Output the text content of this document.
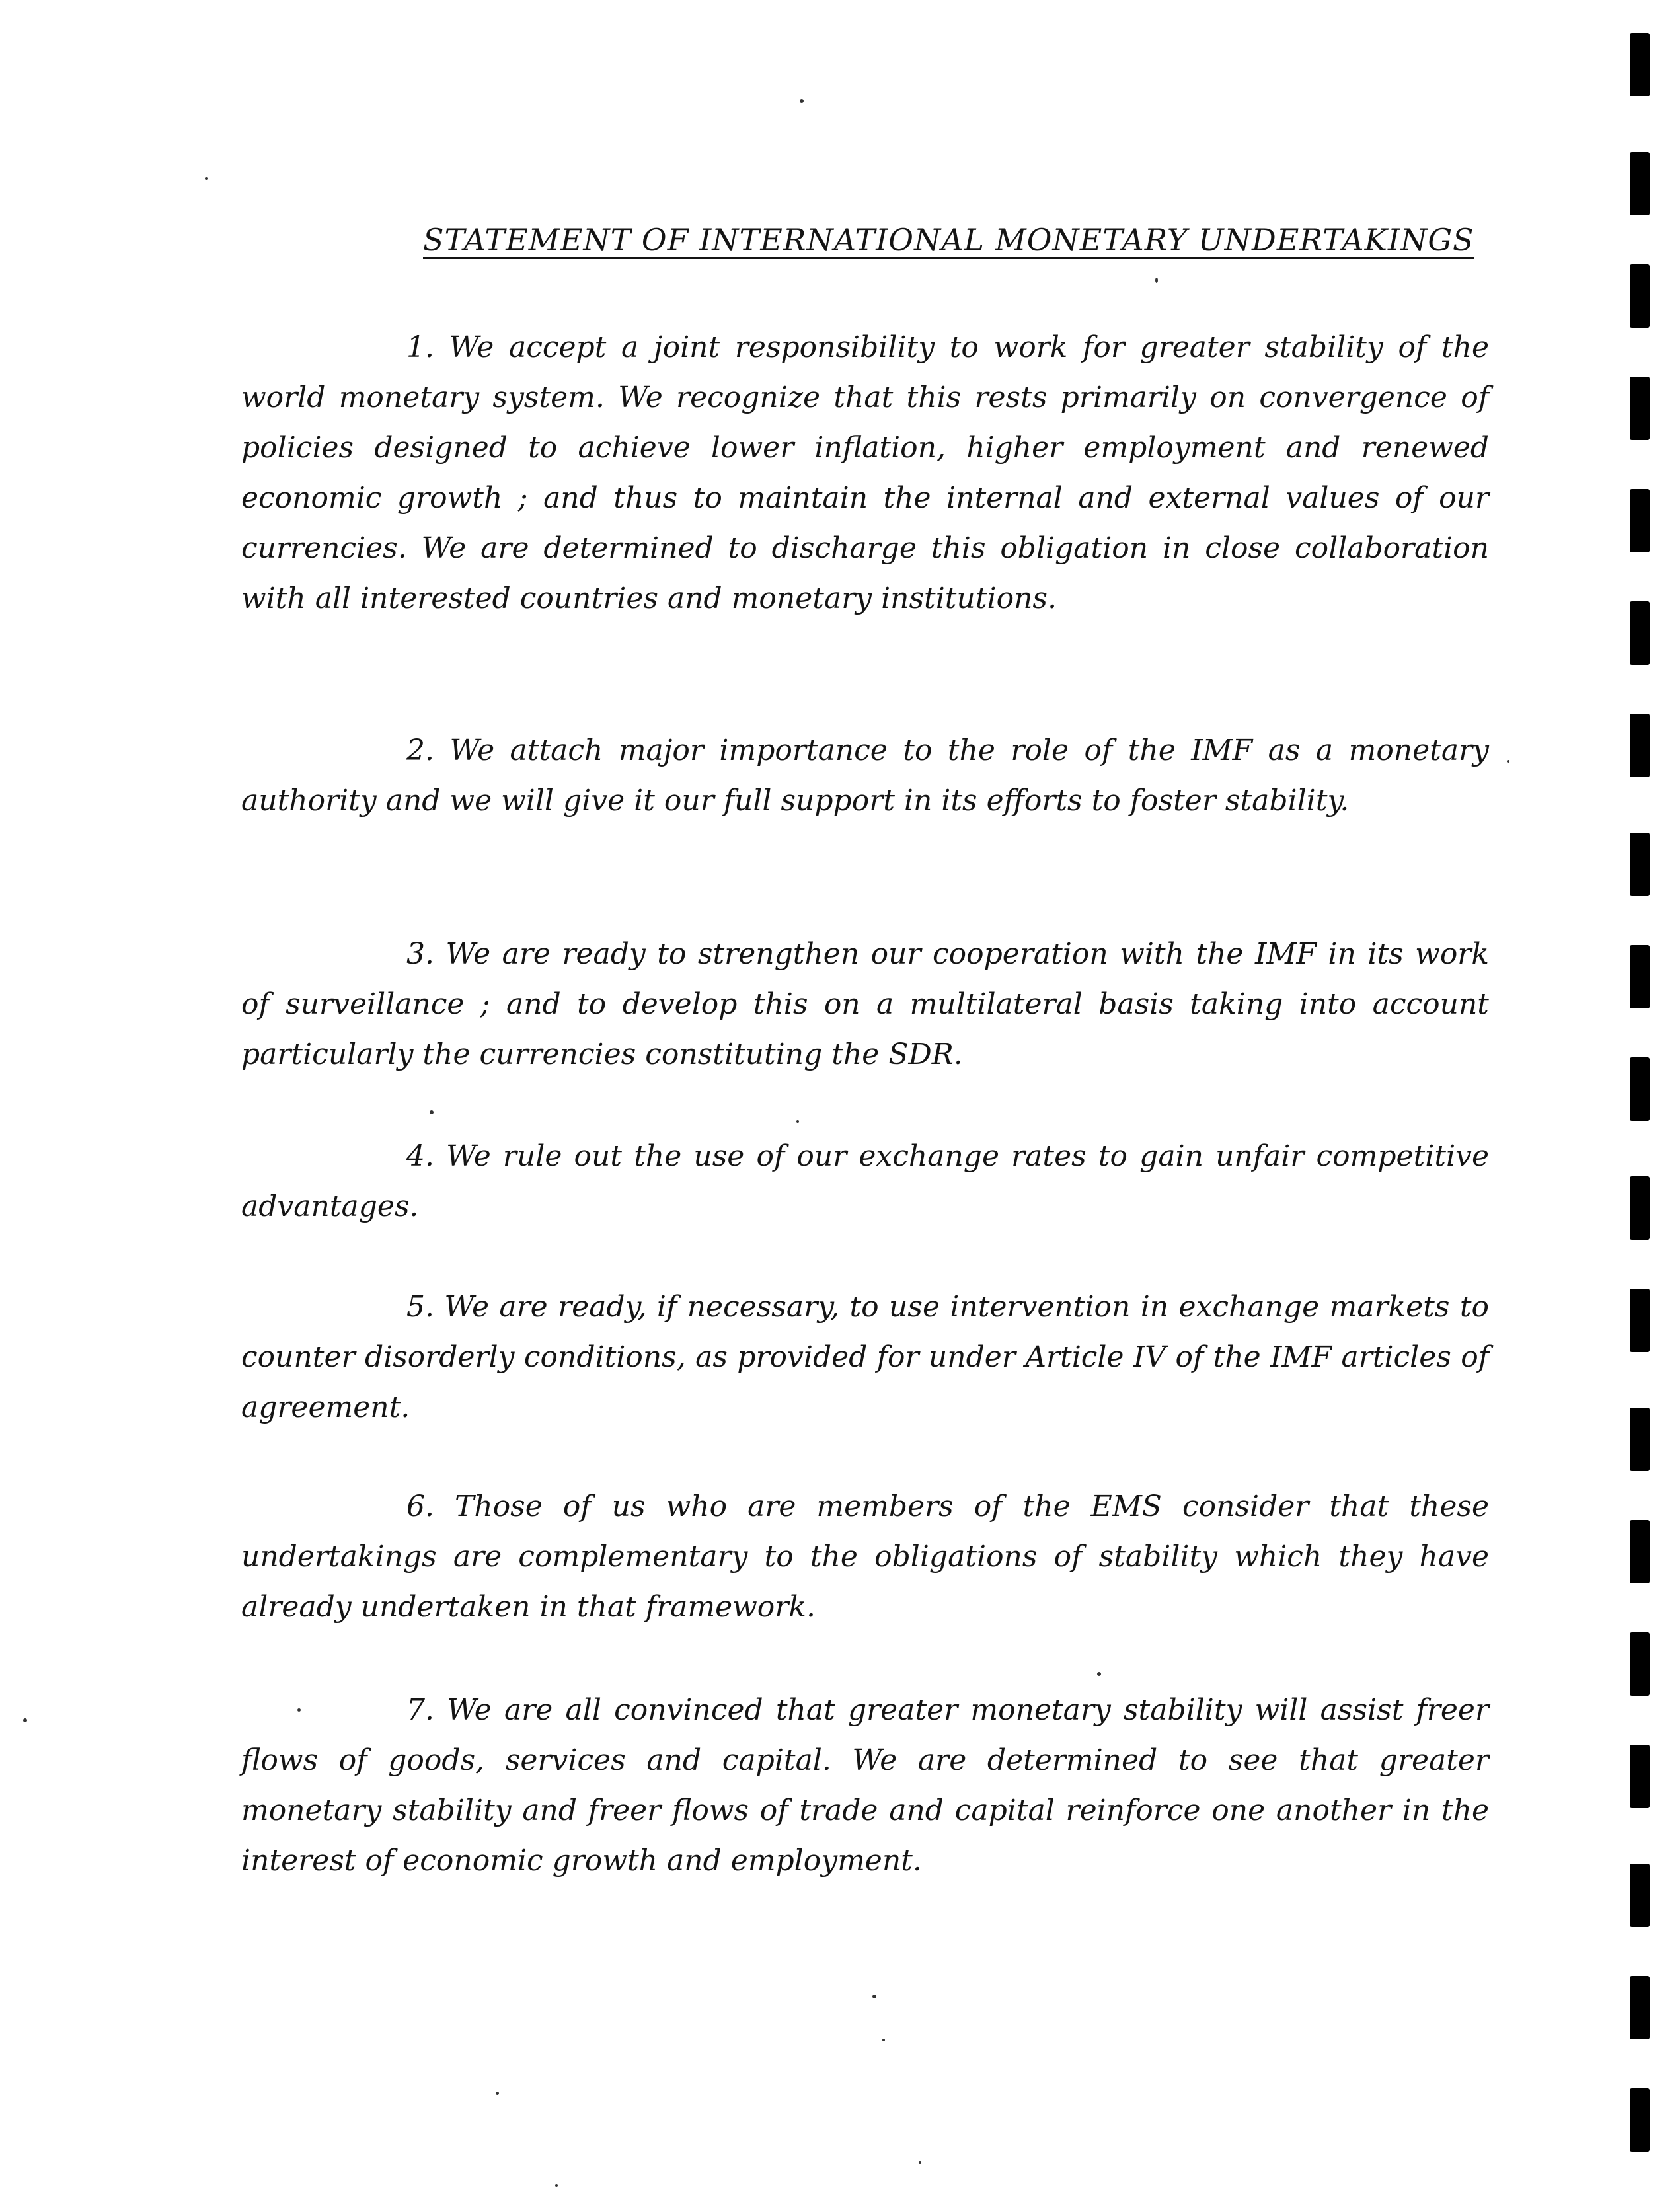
STATEMENT OF INTERNATIONAL MONETARY UNDERTAKINGS

1. We accept a joint responsibility to work for greater stability of the world monetary system. We recognize that this rests primarily on convergence of policies designed to achieve lower inflation, higher employment and renewed economic growth ; and thus to maintain the internal and external values of our currencies. We are determined to discharge this obligation in close collaboration with all interested countries and monetary institutions.

2. We attach major importance to the role of the IMF as a monetary authority and we will give it our full support in its efforts to foster stability.

3. We are ready to strengthen our cooperation with the IMF in its work of surveillance ; and to develop this on a multilateral basis taking into account particularly the currencies constituting the SDR.

4. We rule out the use of our exchange rates to gain unfair competitive advantages.

5. We are ready, if necessary, to use intervention in exchange markets to counter disorderly conditions, as provided for under Article IV of the IMF articles of agreement.

6. Those of us who are members of the EMS consider that these undertakings are complementary to the obligations of stability which they have already undertaken in that framework.

7. We are all convinced that greater monetary stability will assist freer flows of goods, services and capital. We are determined to see that greater monetary stability and freer flows of trade and capital reinforce one another in the interest of economic growth and employment.
